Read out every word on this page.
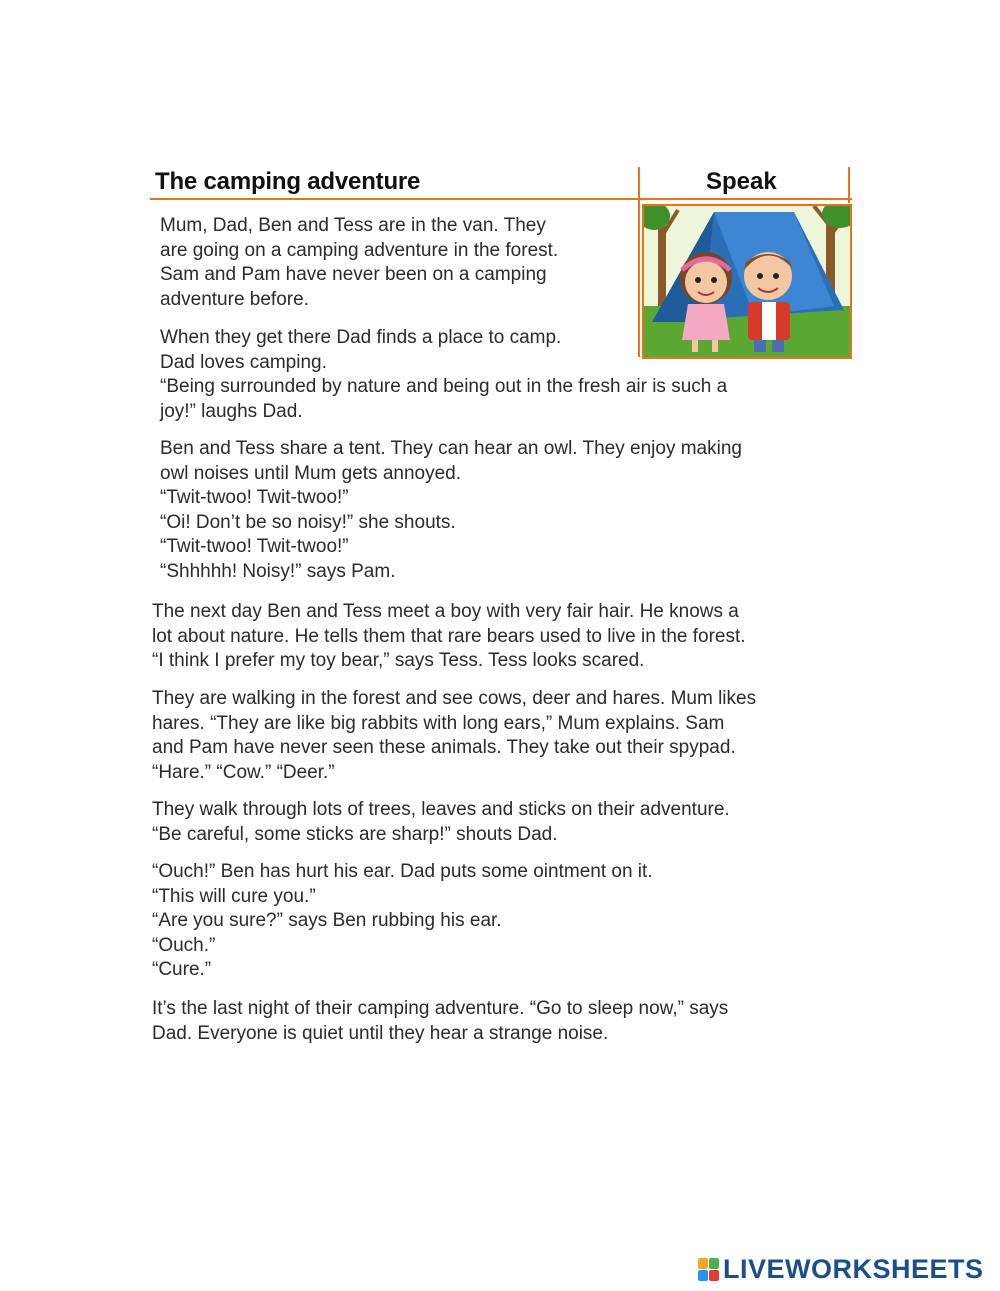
The camping adventure	Speak
Mum, Dad, Ben and Tess are in the van. They
are going on a camping adventure in the forest.
Sam and Pam have never been on a camping
adventure before.
When they get there Dad finds a place to camp.
Dad loves camping.
“Being surrounded by nature and being out in the fresh air is such a
joy!” laughs Dad.
Ben and Tess share a tent. They can hear an owl. They enjoy making
owl noises until Mum gets annoyed.
“Twit-twoo! Twit-twoo!”
“Oi! Don’t be so noisy!” she shouts.
“Twit-twoo! Twit-twoo!”
“Shhhhh! Noisy!” says Pam.
The next day Ben and Tess meet a boy with very fair hair. He knows a
lot about nature. He tells them that rare bears used to live in the forest.
“I think I prefer my toy bear,” says Tess. Tess looks scared.
They are walking in the forest and see cows, deer and hares. Mum likes
hares. “They are like big rabbits with long ears,” Mum explains. Sam
and Pam have never seen these animals. They take out their spypad.
“Hare.” “Cow.” “Deer.”
They walk through lots of trees, leaves and sticks on their adventure.
“Be careful, some sticks are sharp!” shouts Dad.
“Ouch!” Ben has hurt his ear. Dad puts some ointment on it.
“This will cure you.”
“Are you sure?” says Ben rubbing his ear.
“Ouch.”
“Cure.”
It’s the last night of their camping adventure. “Go to sleep now,” says
Dad. Everyone is quiet until they hear a strange noise.
LIVEWORKSHEETS
